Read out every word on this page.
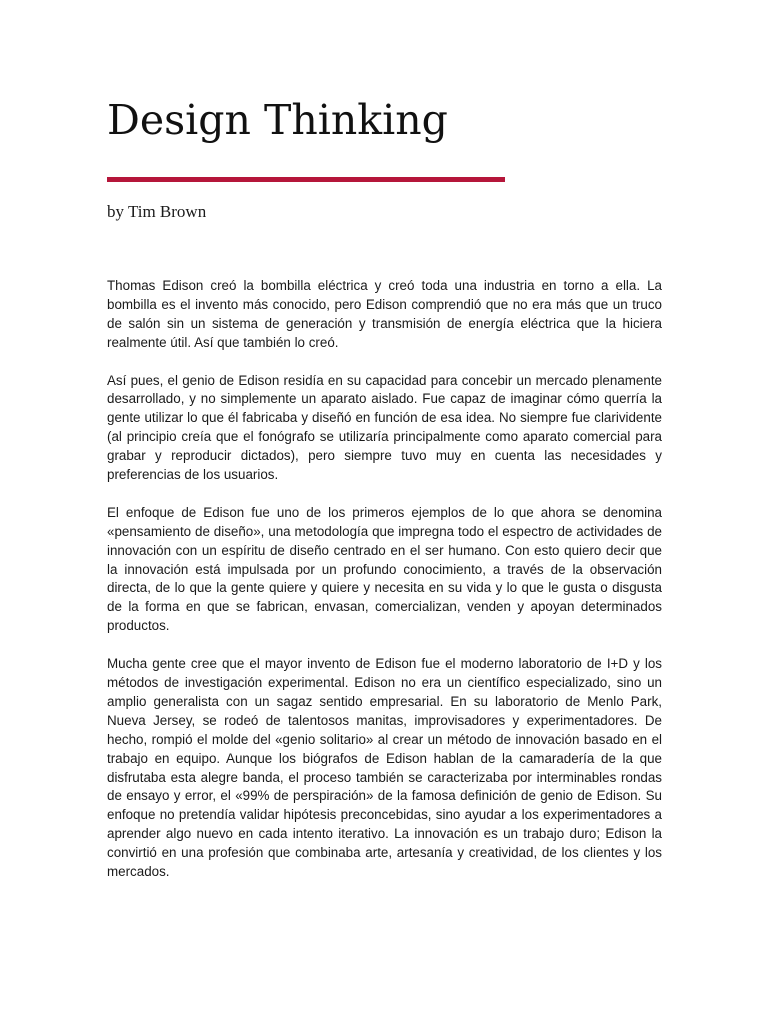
Design Thinking

by Tim Brown

Thomas Edison creó la bombilla eléctrica y creó toda una industria en torno a ella. La bombilla es el invento más conocido, pero Edison comprendió que no era más que un truco de salón sin un sistema de generación y transmisión de energía eléctrica que la hiciera realmente útil. Así que también lo creó.

Así pues, el genio de Edison residía en su capacidad para concebir un mercado plenamente desarrollado, y no simplemente un aparato aislado. Fue capaz de imaginar cómo querría la gente utilizar lo que él fabricaba y diseñó en función de esa idea. No siempre fue clarividente (al principio creía que el fonógrafo se utilizaría principalmente como aparato comercial para grabar y reproducir dictados), pero siempre tuvo muy en cuenta las necesidades y preferencias de los usuarios.

El enfoque de Edison fue uno de los primeros ejemplos de lo que ahora se denomina «pensamiento de diseño», una metodología que impregna todo el espectro de actividades de innovación con un espíritu de diseño centrado en el ser humano. Con esto quiero decir que la innovación está impulsada por un profundo conocimiento, a través de la observación directa, de lo que la gente quiere y quiere y necesita en su vida y lo que le gusta o disgusta de la forma en que se fabrican, envasan, comercializan, venden y apoyan determinados productos.

Mucha gente cree que el mayor invento de Edison fue el moderno laboratorio de I+D y los métodos de investigación experimental. Edison no era un científico especializado, sino un amplio generalista con un sagaz sentido empresarial. En su laboratorio de Menlo Park, Nueva Jersey, se rodeó de talentosos manitas, improvisadores y experimentadores. De hecho, rompió el molde del «genio solitario» al crear un método de innovación basado en el trabajo en equipo. Aunque los biógrafos de Edison hablan de la camaradería de la que disfrutaba esta alegre banda, el proceso también se caracterizaba por interminables rondas de ensayo y error, el «99% de perspiración» de la famosa definición de genio de Edison. Su enfoque no pretendía validar hipótesis preconcebidas, sino ayudar a los experimentadores a aprender algo nuevo en cada intento iterativo. La innovación es un trabajo duro; Edison la convirtió en una profesión que combinaba arte, artesanía y creatividad, de los clientes y los mercados.
